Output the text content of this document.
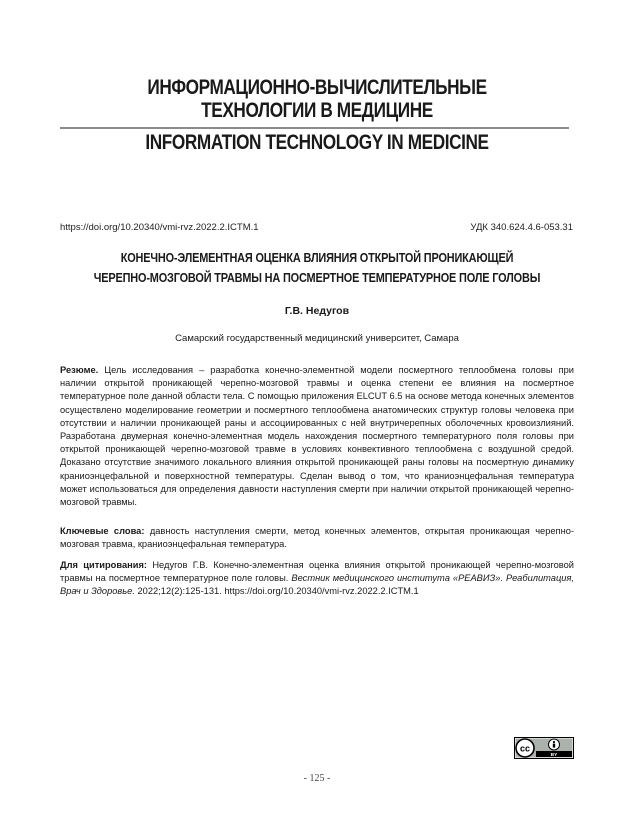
ИНФОРМАЦИОННО-ВЫЧИСЛИТЕЛЬНЫЕ
ТЕХНОЛОГИИ В МЕДИЦИНЕ
INFORMATION TECHNOLOGY IN MEDICINE
https://doi.org/10.20340/vmi-rvz.2022.2.ICTM.1	УДК 340.624.4.6-053.31
КОНЕЧНО-ЭЛЕМЕНТНАЯ ОЦЕНКА ВЛИЯНИЯ ОТКРЫТОЙ ПРОНИКАЮЩЕЙ
ЧЕРЕПНО-МОЗГОВОЙ ТРАВМЫ НА ПОСМЕРТНОЕ ТЕМПЕРАТУРНОЕ ПОЛЕ ГОЛОВЫ
Г.В. Недугов
Самарский государственный медицинский университет, Самара
Резюме. Цель исследования – разработка конечно-элементной модели посмертного теплообмена головы при наличии открытой проникающей черепно-мозговой травмы и оценка степени ее влияния на посмертное температурное поле данной области тела. С помощью приложения ELCUT 6.5 на основе метода конечных элементов осуществлено моделирование геометрии и посмертного теплообмена анатомических структур головы человека при отсутствии и наличии проникающей раны и ассоциированных с ней внутричерепных оболочечных кровоизлияний. Разработана двумерная конечно-элементная модель нахождения посмертного температурного поля головы при открытой проникающей черепно-мозговой травме в условиях конвективного теплообмена с воздушной средой. Доказано отсутствие значимого локального влияния открытой проникающей раны головы на посмертную динамику краниоэнцефальной и поверхностной температуры. Сделан вывод о том, что краниоэнцефальная температура может использоваться для определения давности наступления смерти при наличии открытой проникающей черепно-мозговой травмы.
Ключевые слова: давность наступления смерти, метод конечных элементов, открытая проникающая черепно-мозговая травма, краниоэнцефальная температура.
Для цитирования: Недугов Г.В. Конечно-элементная оценка влияния открытой проникающей черепно-мозговой травмы на посмертное температурное поле головы. Вестник медицинского института «РЕАВИЗ». Реабилитация, Врач и Здоровье. 2022;12(2):125-131. https://doi.org/10.20340/vmi-rvz.2022.2.ICTM.1
cc
BY
- 125 -
